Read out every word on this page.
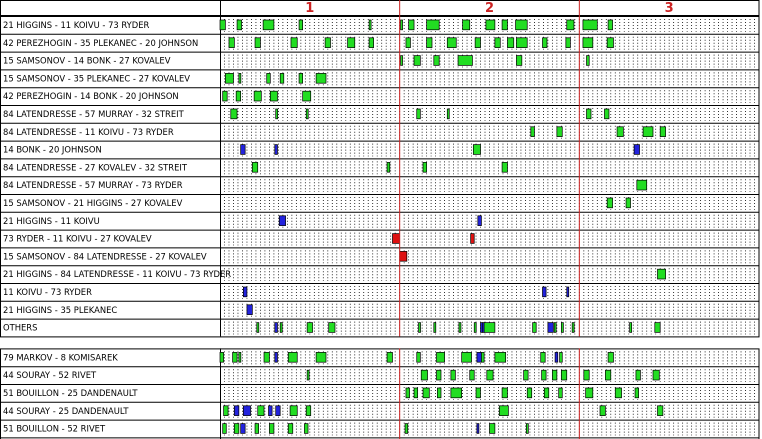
1	2	3
21 HIGGINS - 11 KOIVU - 73 RYDER
42 PEREZHOGIN - 35 PLEKANEC - 20 JOHNSON
15 SAMSONOV - 14 BONK - 27 KOVALEV
15 SAMSONOV - 35 PLEKANEC - 27 KOVALEV
42 PEREZHOGIN - 14 BONK - 20 JOHNSON
84 LATENDRESSE - 57 MURRAY - 32 STREIT
84 LATENDRESSE - 11 KOIVU - 73 RYDER
14 BONK - 20 JOHNSON
84 LATENDRESSE - 27 KOVALEV - 32 STREIT
84 LATENDRESSE - 57 MURRAY - 73 RYDER
15 SAMSONOV - 21 HIGGINS - 27 KOVALEV
21 HIGGINS - 11 KOIVU
73 RYDER - 11 KOIVU - 27 KOVALEV
15 SAMSONOV - 84 LATENDRESSE - 27 KOVALEV
21 HIGGINS - 84 LATENDRESSE - 11 KOIVU - 73 RYDER
11 KOIVU - 73 RYDER
21 HIGGINS - 35 PLEKANEC
OTHERS
79 MARKOV - 8 KOMISAREK
44 SOURAY - 52 RIVET
51 BOUILLON - 25 DANDENAULT
44 SOURAY - 25 DANDENAULT
51 BOUILLON - 52 RIVET
